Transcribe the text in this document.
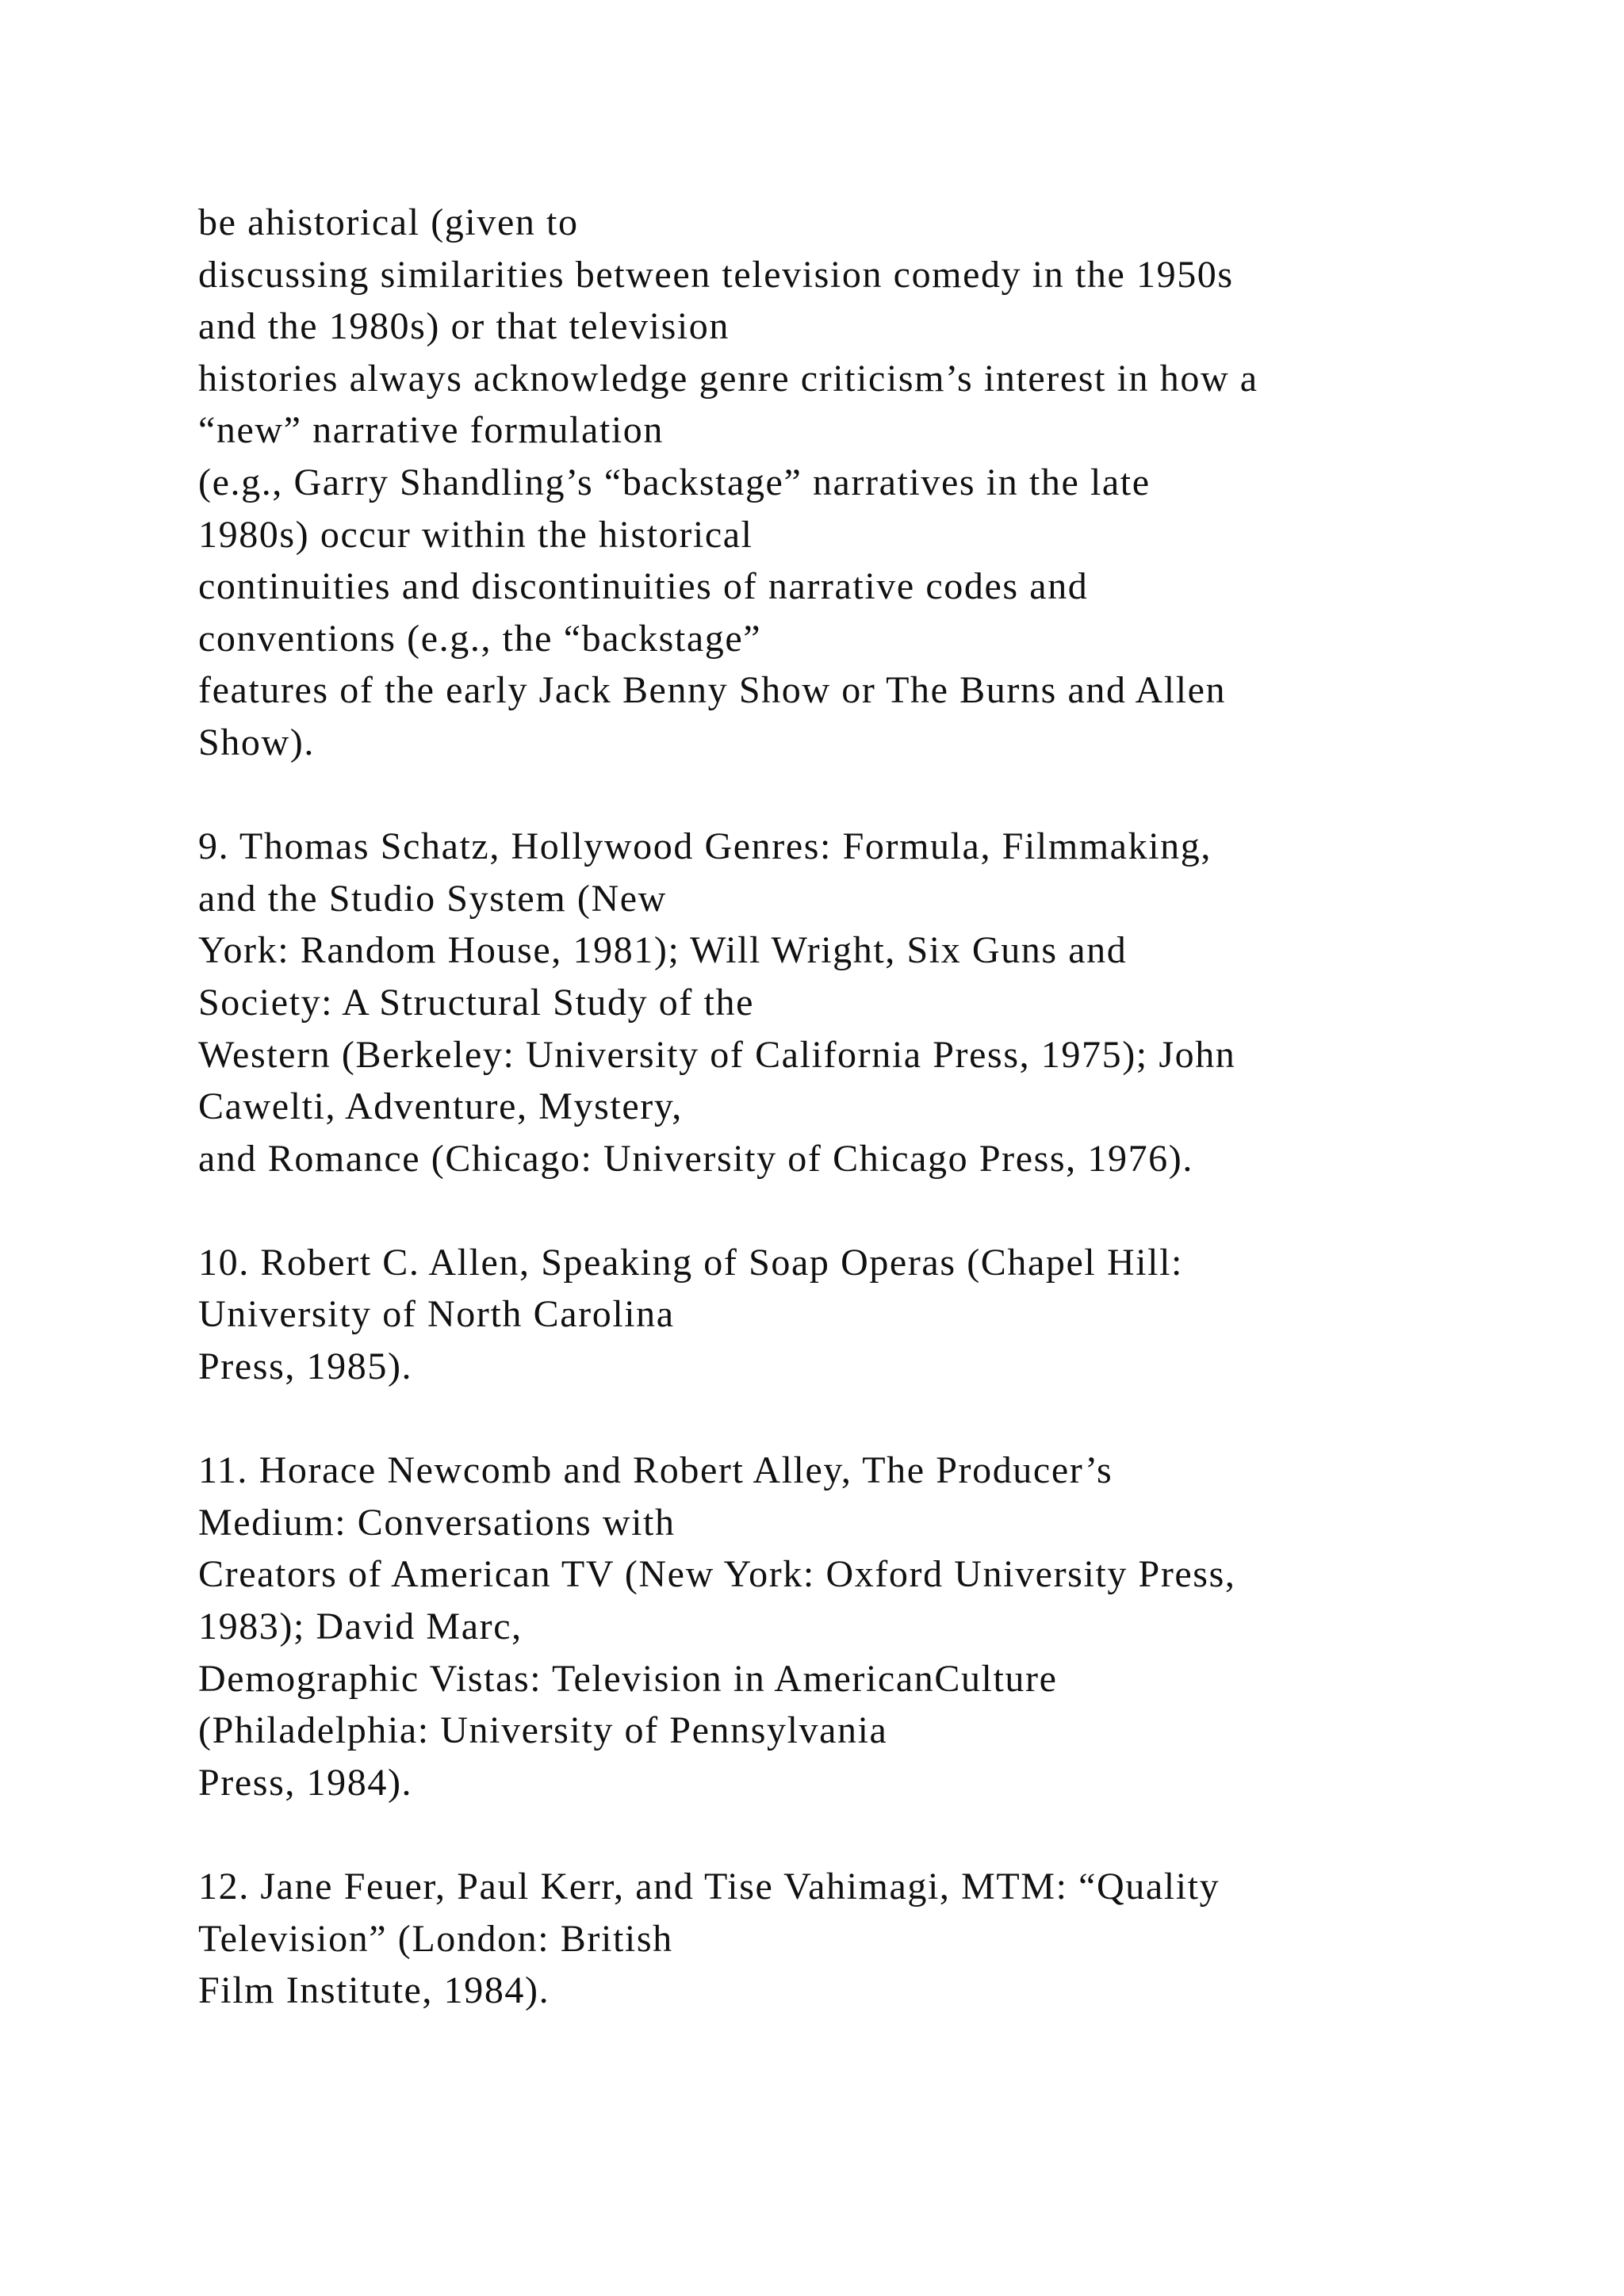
be ahistorical (given to
discussing similarities between television comedy in the 1950s
and the 1980s) or that television
histories always acknowledge genre criticism’s interest in how a
“new” narrative formulation
(e.g., Garry Shandling’s “backstage” narratives in the late
1980s) occur within the historical
continuities and discontinuities of narrative codes and
conventions (e.g., the “backstage”
features of the early Jack Benny Show or The Burns and Allen
Show).
9. Thomas Schatz, Hollywood Genres: Formula, Filmmaking,
and the Studio System (New
York: Random House, 1981); Will Wright, Six Guns and
Society: A Structural Study of the
Western (Berkeley: University of California Press, 1975); John
Cawelti, Adventure, Mystery,
and Romance (Chicago: University of Chicago Press, 1976).
10. Robert C. Allen, Speaking of Soap Operas (Chapel Hill:
University of North Carolina
Press, 1985).
11. Horace Newcomb and Robert Alley, The Producer’s
Medium: Conversations with
Creators of American TV (New York: Oxford University Press,
1983); David Marc,
Demographic Vistas: Television in AmericanCulture
(Philadelphia: University of Pennsylvania
Press, 1984).
12. Jane Feuer, Paul Kerr, and Tise Vahimagi, MTM: “Quality
Television” (London: British
Film Institute, 1984).
